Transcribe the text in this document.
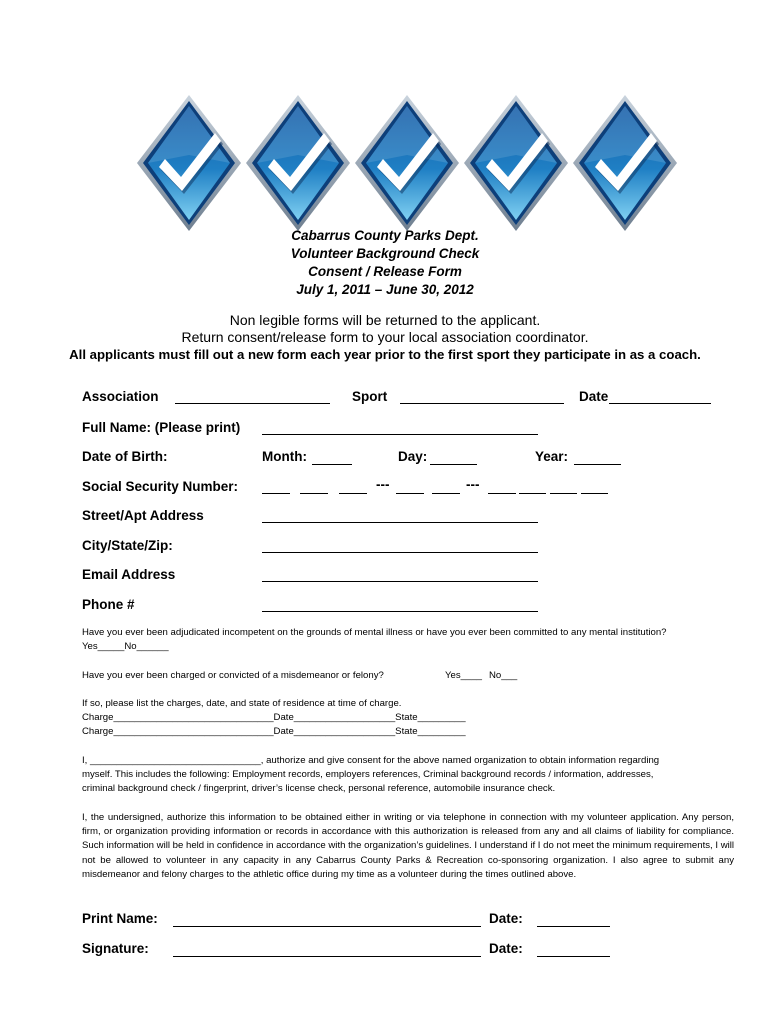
Cabarrus County Parks Dept.
Volunteer Background Check
Consent / Release Form
July 1, 2011 – June 30, 2012
Non legible forms will be returned to the applicant.
Return consent/release form to your local association coordinator.
All applicants must fill out a new form each year prior to the first sport they participate in as a coach.
Association	Sport	Date
Full Name: (Please print)
Date of Birth:	Month:	Day:	Year:
Social Security Number:	---	---
Street/Apt Address
City/State/Zip:
Email Address
Phone #
Have you ever been adjudicated incompetent on the grounds of mental illness or have you ever been committed to any mental institution?
Yes_____No______
Have you ever been charged or convicted of a misdemeanor or felony?	Yes____ No___
If so, please list the charges, date, and state of residence at time of charge.
Charge______________________________Date___________________State_________
Charge______________________________Date___________________State_________
I, ________________________________, authorize and give consent for the above named organization to obtain information regarding
myself. This includes the following: Employment records, employers references, Criminal background records / information, addresses,
criminal background check / fingerprint, driver’s license check, personal reference, automobile insurance check.
I, the undersigned, authorize this information to be obtained either in writing or via telephone in connection with my volunteer application. Any person, firm, or organization providing information or records in accordance with this authorization is released from any and all claims of liability for compliance. Such information will be held in confidence in accordance with the organization’s guidelines. I understand if I do not meet the minimum requirements, I will not be allowed to volunteer in any capacity in any Cabarrus County Parks & Recreation co-sponsoring organization. I also agree to submit any misdemeanor and felony charges to the athletic office during my time as a volunteer during the times outlined above.
Print Name:	Date:
Signature:	Date:
